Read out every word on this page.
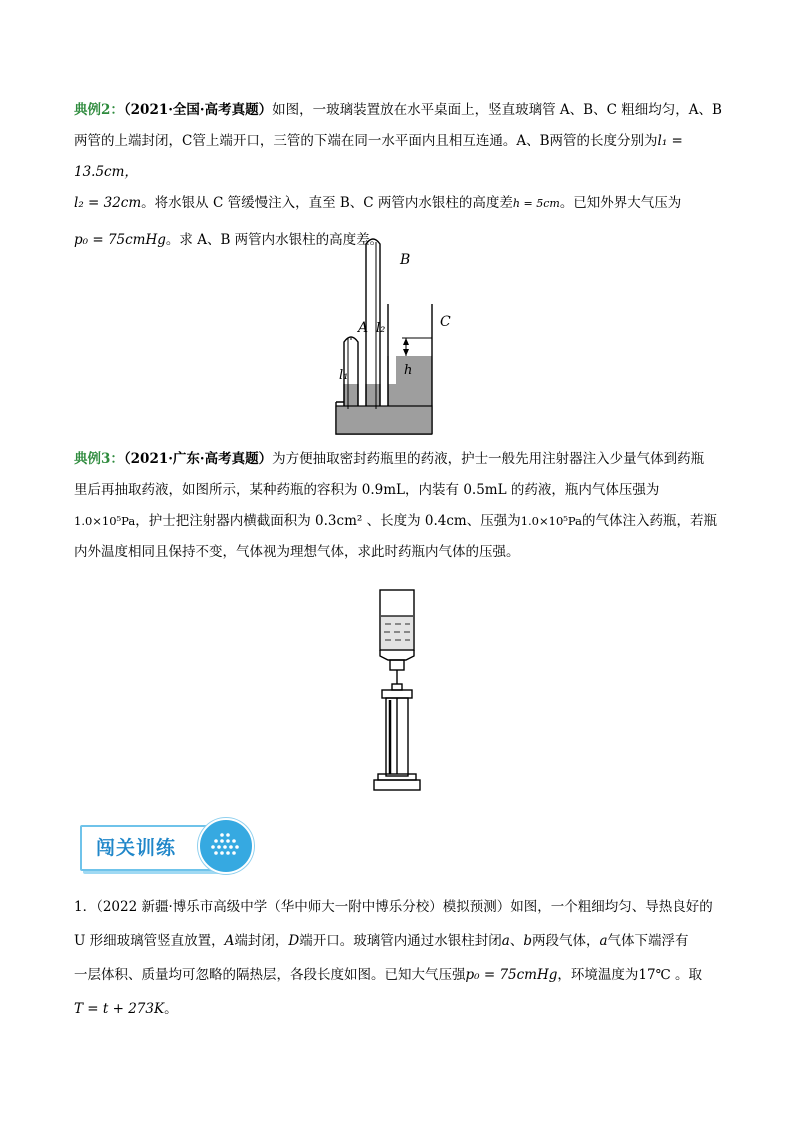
典例2：（2021·全国·高考真题）如图，一玻璃装置放在水平桌面上，竖直玻璃管 A、B、C 粗细均匀，A、B
两管的上端封闭，C管上端开口，三管的下端在同一水平面内且相互连通。A、B两管的长度分别为l₁ = 13.5cm，
l₂ = 32cm。将水银从 C 管缓慢注入，直至 B、C 两管内水银柱的高度差h = 5cm。已知外界大气压为
p₀ = 75cmHg。求 A、B 两管内水银柱的高度差。
A
B
C
l₁
l₂
h
典例3：（2021·广东·高考真题）为方便抽取密封药瓶里的药液，护士一般先用注射器注入少量气体到药瓶
里后再抽取药液，如图所示，某种药瓶的容积为 0.9mL，内装有 0.5mL 的药液，瓶内气体压强为
1.0×10⁵Pa，护士把注射器内横截面积为 0.3cm² 、长度为 0.4cm、压强为1.0×10⁵Pa的气体注入药瓶，若瓶
内外温度相同且保持不变，气体视为理想气体，求此时药瓶内气体的压强。
闯关训练
1．（2022 新疆·博乐市高级中学（华中师大一附中博乐分校）模拟预测）如图，一个粗细均匀、导热良好的
U 形细玻璃管竖直放置，A端封闭，D端开口。玻璃管内通过水银柱封闭a、b两段气体，a气体下端浮有
一层体积、质量均可忽略的隔热层，各段长度如图。已知大气压强p₀ = 75cmHg，环境温度为17℃ 。取
T = t + 273K。
